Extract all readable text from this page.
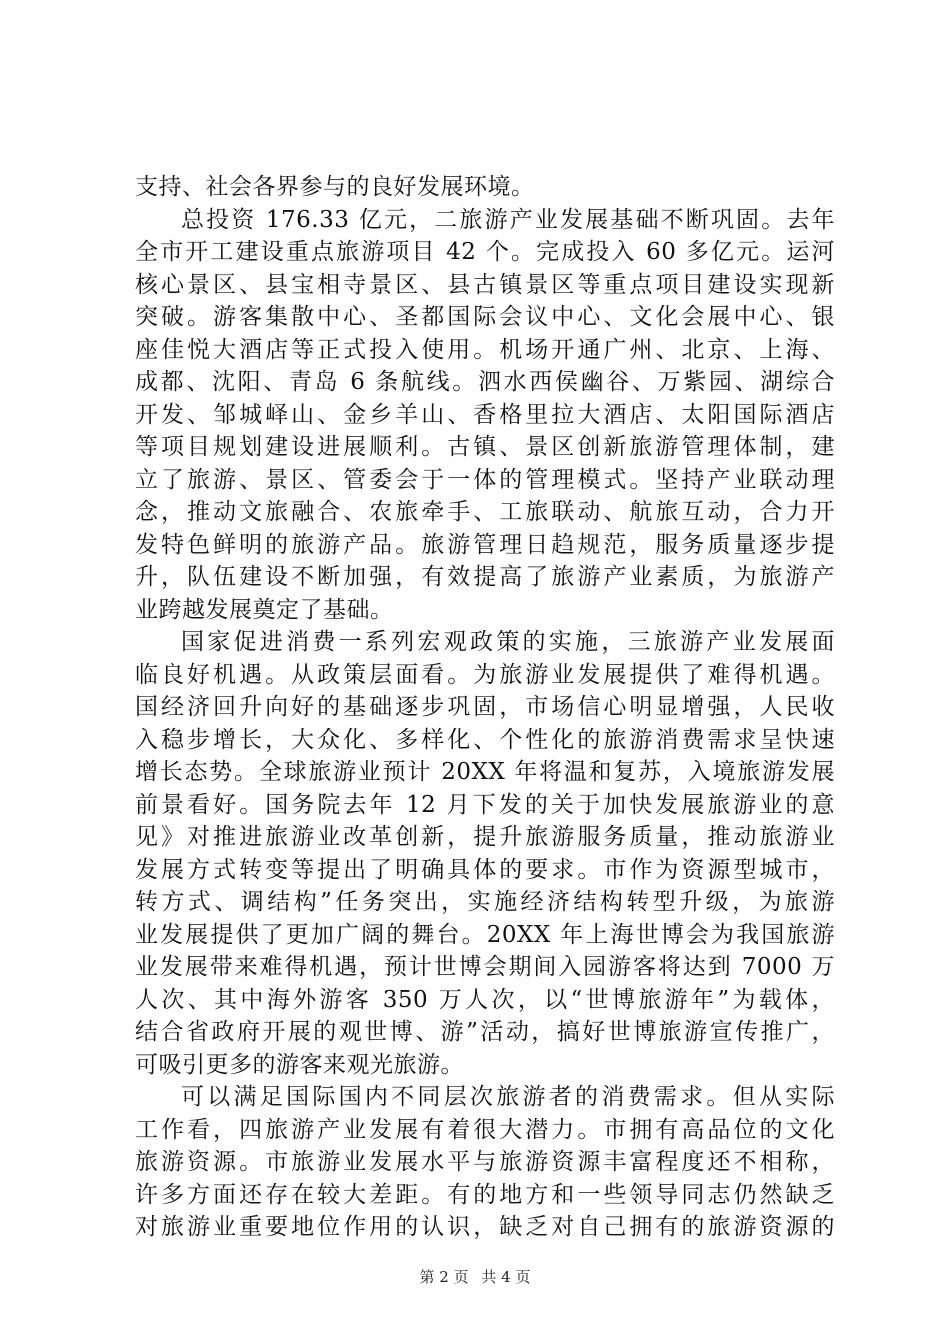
支持、社会各界参与的良好发展环境。
总投资 176.33 亿元，二旅游产业发展基础不断巩固。去年
全市开工建设重点旅游项目 42 个。完成投入 60 多亿元。运河
核心景区、县宝相寺景区、县古镇景区等重点项目建设实现新
突破。游客集散中心、圣都国际会议中心、文化会展中心、银
座佳悦大酒店等正式投入使用。机场开通广州、北京、上海、
成都、沈阳、青岛 6 条航线。泗水西侯幽谷、万紫园、湖综合
开发、邹城峄山、金乡羊山、香格里拉大酒店、太阳国际酒店
等项目规划建设进展顺利。古镇、景区创新旅游管理体制，建
立了旅游、景区、管委会于一体的管理模式。坚持产业联动理
念，推动文旅融合、农旅牵手、工旅联动、航旅互动，合力开
发特色鲜明的旅游产品。旅游管理日趋规范，服务质量逐步提
升，队伍建设不断加强，有效提高了旅游产业素质，为旅游产
业跨越发展奠定了基础。
国家促进消费一系列宏观政策的实施，三旅游产业发展面
临良好机遇。从政策层面看。为旅游业发展提供了难得机遇。
国经济回升向好的基础逐步巩固，市场信心明显增强，人民收
入稳步增长，大众化、多样化、个性化的旅游消费需求呈快速
增长态势。全球旅游业预计 20XX 年将温和复苏，入境旅游发展
前景看好。国务院去年 12 月下发的关于加快发展旅游业的意
见》对推进旅游业改革创新，提升旅游服务质量，推动旅游业
发展方式转变等提出了明确具体的要求。市作为资源型城市，
转方式、调结构”任务突出，实施经济结构转型升级，为旅游
业发展提供了更加广阔的舞台。20XX 年上海世博会为我国旅游
业发展带来难得机遇，预计世博会期间入园游客将达到 7000 万
人次、其中海外游客 350 万人次，以“世博旅游年”为载体，
结合省政府开展的观世博、游”活动，搞好世博旅游宣传推广，
可吸引更多的游客来观光旅游。
可以满足国际国内不同层次旅游者的消费需求。但从实际
工作看，四旅游产业发展有着很大潜力。市拥有高品位的文化
旅游资源。市旅游业发展水平与旅游资源丰富程度还不相称，
许多方面还存在较大差距。有的地方和一些领导同志仍然缺乏
对旅游业重要地位作用的认识，缺乏对自己拥有的旅游资源的
第 2 页 共 4 页
